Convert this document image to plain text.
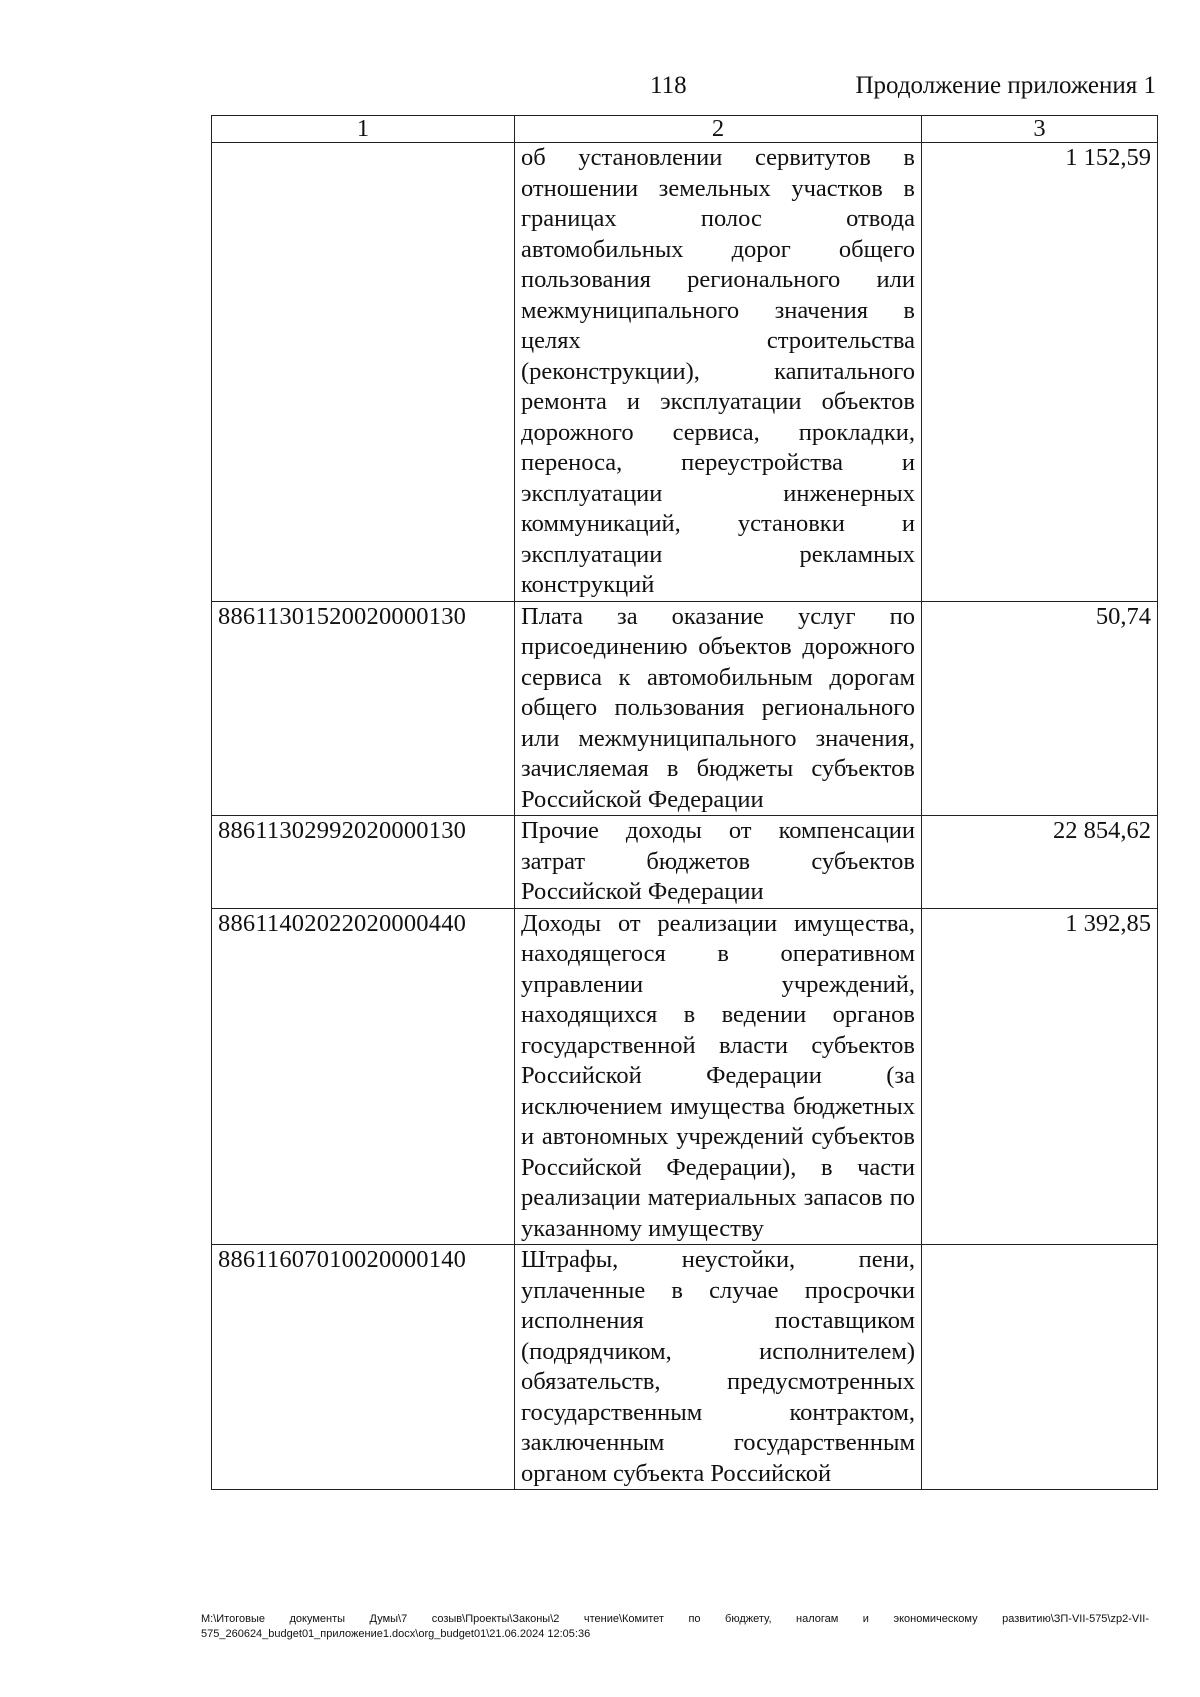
118	Продолжение приложения 1
1	2	3
	об установлении сервитутов в отношении земельных участков в границах полос отвода автомобильных дорог общего пользования регионального или межмуниципального значения в целях строительства (реконструкции), капитального ремонта и эксплуатации объектов дорожного сервиса, прокладки, переноса, переустройства и эксплуатации инженерных коммуникаций, установки и эксплуатации рекламных конструкций	1 152,59
88611301520020000130	Плата за оказание услуг по присоединению объектов дорожного сервиса к автомобильным дорогам общего пользования регионального или межмуниципального значения, зачисляемая в бюджеты субъектов Российской Федерации	50,74
88611302992020000130	Прочие доходы от компенсации затрат бюджетов субъектов Российской Федерации	22 854,62
88611402022020000440	Доходы от реализации имущества, находящегося в оперативном управлении учреждений, находящихся в ведении органов государственной власти субъектов Российской Федерации (за исключением имущества бюджетных и автономных учреждений субъектов Российской Федерации), в части реализации материальных запасов по указанному имуществу	1 392,85
88611607010020000140	Штрафы, неустойки, пени, уплаченные в случае просрочки исполнения поставщиком (подрядчиком, исполнителем) обязательств, предусмотренных государственным контрактом, заключенным государственным органом субъекта Российской	
М:\Итоговые документы Думы\7 созыв\Проекты\Законы\2 чтение\Комитет по бюджету, налогам и экономическому развитию\ЗП-VII-575\zp2-VII-575_260624_budget01_приложение1.docx\org_budget01\21.06.2024 12:05:36
